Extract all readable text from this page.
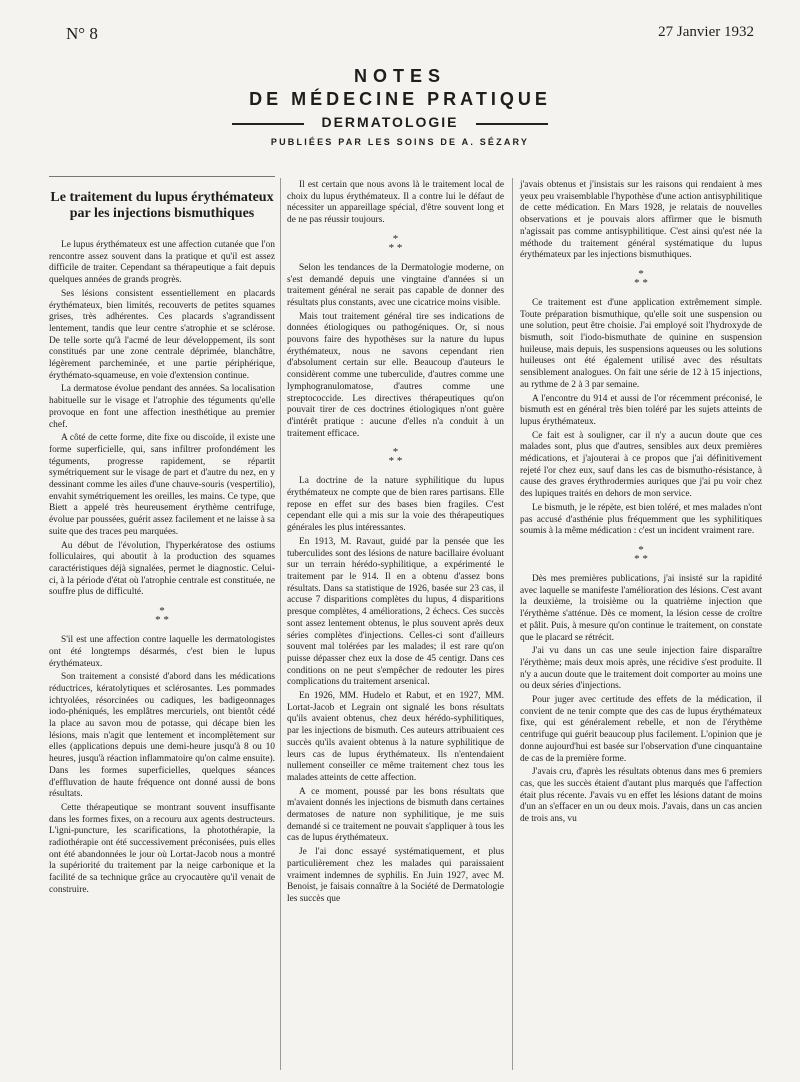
N° 8	27 Janvier 1932
NOTES
DE MÉDECINE PRATIQUE
DERMATOLOGIE
PUBLIÉES PAR LES SOINS DE A. SÉZARY
Le traitement du lupus érythémateux par les injections bismuthiques

Le lupus érythémateux est une affection cutanée que l'on rencontre assez souvent dans la pratique et qu'il est assez difficile de traiter. Cependant sa thérapeutique a fait depuis quelques années de grands progrès.

Ses lésions consistent essentiellement en placards érythémateux, bien limités, recouverts de petites squames grises, très adhérentes. Ces placards s'agrandissent lentement, tandis que leur centre s'atrophie et se sclérose. De telle sorte qu'à l'acmé de leur développement, ils sont constitués par une zone centrale déprimée, blanchâtre, légèrement parcheminée, et une partie périphérique, érythémato-squameuse, en voie d'extension continue.

La dermatose évolue pendant des années. Sa localisation habituelle sur le visage et l'atrophie des téguments qu'elle provoque en font une affection inesthétique au premier chef.

A côté de cette forme, dite fixe ou discoïde, il existe une forme superficielle, qui, sans infiltrer profondément les téguments, progresse rapidement, se répartit symétriquement sur le visage de part et d'autre du nez, en y dessinant comme les ailes d'une chauve-souris (vespertilio), envahit symétriquement les oreilles, les mains. Ce type, que Biett a appelé très heureusement érythème centrifuge, évolue par poussées, guérit assez facilement et ne laisse à sa suite que des traces peu marquées.

Au début de l'évolution, l'hyperkératose des ostiums folliculaires, qui aboutit à la production des squames caractéristiques déjà signalées, permet le diagnostic. Celui-ci, à la période d'état où l'atrophie centrale est constituée, ne souffre plus de difficulté.

*
* *

S'il est une affection contre laquelle les dermatologistes ont été longtemps désarmés, c'est bien le lupus érythémateux.

Son traitement a consisté d'abord dans les médications réductrices, kératolytiques et sclérosantes. Les pommades ichtyolées, résorcinées ou cadiques, les badigeonnages iodo-phéniqués, les emplâtres mercuriels, ont bientôt cédé la place au savon mou de potasse, qui décape bien les lésions, mais n'agit que lentement et incomplètement sur elles (applications depuis une demi-heure jusqu'à 8 ou 10 heures, jusqu'à réaction inflammatoire qu'on calme ensuite). Dans les formes superficielles, quelques séances d'effluvation de haute fréquence ont donné aussi de bons résultats.

Cette thérapeutique se montrant souvent insuffisante dans les formes fixes, on a recouru aux agents destructeurs. L'igni-puncture, les scarifications, la photothérapie, la radiothérapie ont été successivement préconisées, puis elles ont été abandonnées le jour où Lortat-Jacob nous a montré la supériorité du traitement par la neige carbonique et la facilité de sa technique grâce au cryocautère qu'il venait de construire.

Il est certain que nous avons là le traitement local de choix du lupus érythémateux. Il a contre lui le défaut de nécessiter un appareillage spécial, d'être souvent long et de ne pas réussir toujours.

*
* *

Selon les tendances de la Dermatologie moderne, on s'est demandé depuis une vingtaine d'années si un traitement général ne serait pas capable de donner des résultats plus constants, avec une cicatrice moins visible.

Mais tout traitement général tire ses indications de données étiologiques ou pathogéniques. Or, si nous pouvons faire des hypothèses sur la nature du lupus érythémateux, nous ne savons cependant rien d'absolument certain sur elle. Beaucoup d'auteurs le considèrent comme une tuberculide, d'autres comme une lymphogranulomatose, d'autres comme une streptococcide. Les directives thérapeutiques qu'on pouvait tirer de ces doctrines étiologiques n'ont guère d'intérêt pratique : aucune d'elles n'a conduit à un traitement efficace.

*
* *

La doctrine de la nature syphilitique du lupus érythémateux ne compte que de bien rares partisans. Elle repose en effet sur des bases bien fragiles. C'est cependant elle qui a mis sur la voie des thérapeutiques générales les plus intéressantes.

En 1913, M. Ravaut, guidé par la pensée que les tuberculides sont des lésions de nature bacillaire évoluant sur un terrain hérédo-syphilitique, a expérimenté le traitement par le 914. Il en a obtenu d'assez bons résultats. Dans sa statistique de 1926, basée sur 23 cas, il accuse 7 disparitions complètes du lupus, 4 disparitions presque complètes, 4 améliorations, 2 échecs. Ces succès sont assez lentement obtenus, le plus souvent après deux séries complètes d'injections. Celles-ci sont d'ailleurs souvent mal tolérées par les malades; il est rare qu'on puisse dépasser chez eux la dose de 45 centigr. Dans ces conditions on ne peut s'empêcher de redouter les pires complications du traitement arsenical.

En 1926, MM. Hudelo et Rabut, et en 1927, MM. Lortat-Jacob et Legrain ont signalé les bons résultats qu'ils avaient obtenus, chez deux hérédo-syphilitiques, par les injections de bismuth. Ces auteurs attribuaient ces succès qu'ils avaient obtenus à la nature syphilitique de leurs cas de lupus érythémateux. Ils n'entendaient nullement conseiller ce même traitement chez tous les malades atteints de cette affection.

A ce moment, poussé par les bons résultats que m'avaient donnés les injections de bismuth dans certaines dermatoses de nature non syphilitique, je me suis demandé si ce traitement ne pouvait s'appliquer à tous les cas de lupus érythémateux.

Je l'ai donc essayé systématiquement, et plus particulièrement chez les malades qui paraissaient vraiment indemnes de syphilis. En Juin 1927, avec M. Benoist, je faisais connaître à la Société de Dermatologie les succès que

j'avais obtenus et j'insistais sur les raisons qui rendaient à mes yeux peu vraisemblable l'hypothèse d'une action antisyphilitique de cette médication. En Mars 1928, je relatais de nouvelles observations et je pouvais alors affirmer que le bismuth n'agissait pas comme antisyphilitique. C'est ainsi qu'est née la méthode du traitement général systématique du lupus érythémateux par les injections bismuthiques.

*
* *

Ce traitement est d'une application extrêmement simple. Toute préparation bismuthique, qu'elle soit une suspension ou une solution, peut être choisie. J'ai employé soit l'hydroxyde de bismuth, soit l'iodo-bismuthate de quinine en suspension huileuse, mais depuis, les suspensions aqueuses ou les solutions huileuses ont été également utilisé avec des résultats sensiblement analogues. On fait une série de 12 à 15 injections, au rythme de 2 à 3 par semaine.

A l'encontre du 914 et aussi de l'or récemment préconisé, le bismuth est en général très bien toléré par les sujets atteints de lupus érythémateux.

Ce fait est à souligner, car il n'y a aucun doute que ces malades sont, plus que d'autres, sensibles aux deux premières médications, et j'ajouterai à ce propos que j'ai définitivement rejeté l'or chez eux, sauf dans les cas de bismutho-résistance, à cause des graves érythrodermies auriques que j'ai pu voir chez des lupiques traités en dehors de mon service.

Le bismuth, je le répète, est bien toléré, et mes malades n'ont pas accusé d'asthénie plus fréquemment que les syphilitiques soumis à la même médication : c'est un incident vraiment rare.

*
* *

Dès mes premières publications, j'ai insisté sur la rapidité avec laquelle se manifeste l'amélioration des lésions. C'est avant la deuxième, la troisième ou la quatrième injection que l'érythème s'atténue. Dès ce moment, la lésion cesse de croître et pâlit. Puis, à mesure qu'on continue le traitement, on constate que le placard se rétrécit.

J'ai vu dans un cas une seule injection faire disparaître l'érythème; mais deux mois après, une récidive s'est produite. Il n'y a aucun doute que le traitement doit comporter au moins une ou deux séries d'injections.

Pour juger avec certitude des effets de la médication, il convient de ne tenir compte que des cas de lupus érythémateux fixe, qui est généralement rebelle, et non de l'érythème centrifuge qui guérit beaucoup plus facilement. L'opinion que je donne aujourd'hui est basée sur l'observation d'une cinquantaine de cas de la première forme.

J'avais cru, d'après les résultats obtenus dans mes 6 premiers cas, que les succès étaient d'autant plus marqués que l'affection était plus récente. J'avais vu en effet les lésions datant de moins d'un an s'effacer en un ou deux mois. J'avais, dans un cas ancien de trois ans, vu
